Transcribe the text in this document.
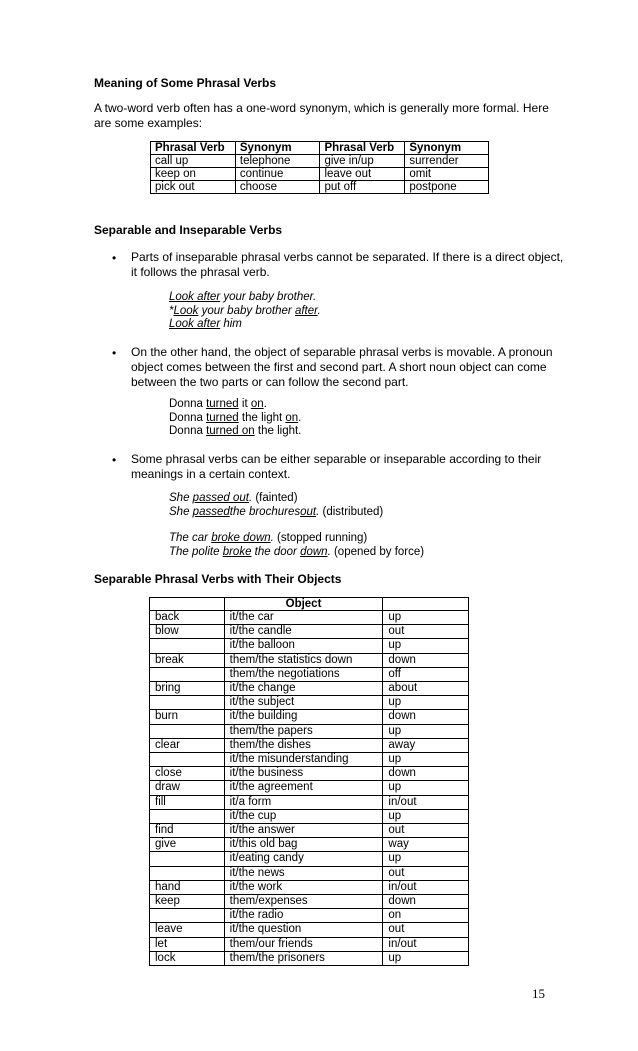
Meaning of Some Phrasal Verbs

A two-word verb often has a one-word synonym, which is generally more formal. Here
are some examples:

Phrasal Verb	Synonym	Phrasal Verb	Synonym
call up	telephone	give in/up	surrender
keep on	continue	leave out	omit
pick out	choose	put off	postpone
Separable and Inseparable Verbs
• Parts of inseparable phrasal verbs cannot be separated. If there is a direct object,
it follows the phrasal verb.

Look after your baby brother.
*Look your baby brother after.
Look after him
• On the other hand, the object of separable phrasal verbs is movable. A pronoun
object comes between the first and second part. A short noun object can come
between the two parts or can follow the second part.

Donna turned it on.
Donna turned the light on.
Donna turned on the light.
• Some phrasal verbs can be either separable or inseparable according to their
meanings in a certain context.

She passed out. (fainted)
She passedthe brochuresout. (distributed)
The car broke down. (stopped running)
The polite broke the door down. (opened by force)
Separable Phrasal Verbs with Their Objects
	Object	
back	it/the car	up
blow	it/the candle	out
	it/the balloon	up
break	them/the statistics down	down
	them/the negotiations	off
bring	it/the change	about
	it/the subject	up
burn	it/the building	down
	them/the papers	up
clear	them/the dishes	away
	it/the misunderstanding	up
close	it/the business	down
draw	it/the agreement	up
fill	it/a form	in/out
	it/the cup	up
find	it/the answer	out
give	it/this old bag	way
	it/eating candy	up
	it/the news	out
hand	it/the work	in/out
keep	them/expenses	down
	it/the radio	on
leave	it/the question	out
let	them/our friends	in/out
lock	them/the prisoners	up
15
